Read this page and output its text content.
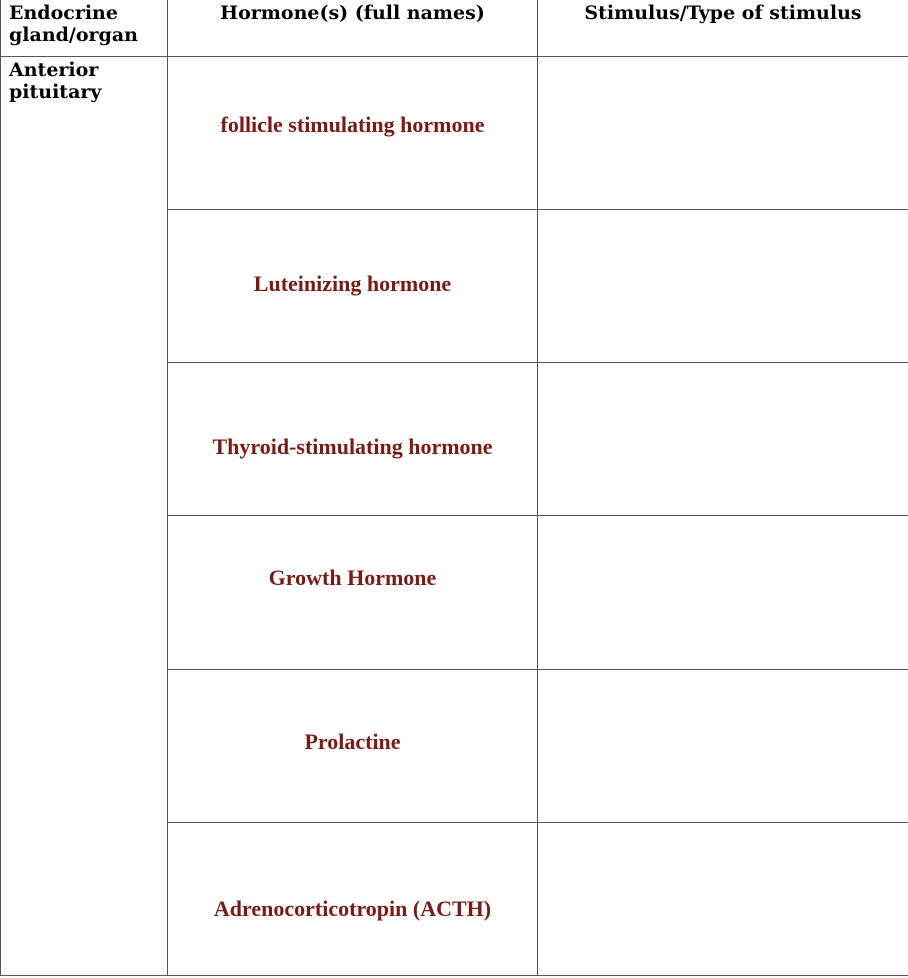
Endocrine
gland/organ	Hormone(s) (full names)	Stimulus/Type of stimulus
Anterior
pituitary	follicle stimulating hormone	
	Luteinizing hormone	
	Thyroid-stimulating hormone	
	Growth Hormone	
	Prolactine	
	Adrenocorticotropin (ACTH)	
